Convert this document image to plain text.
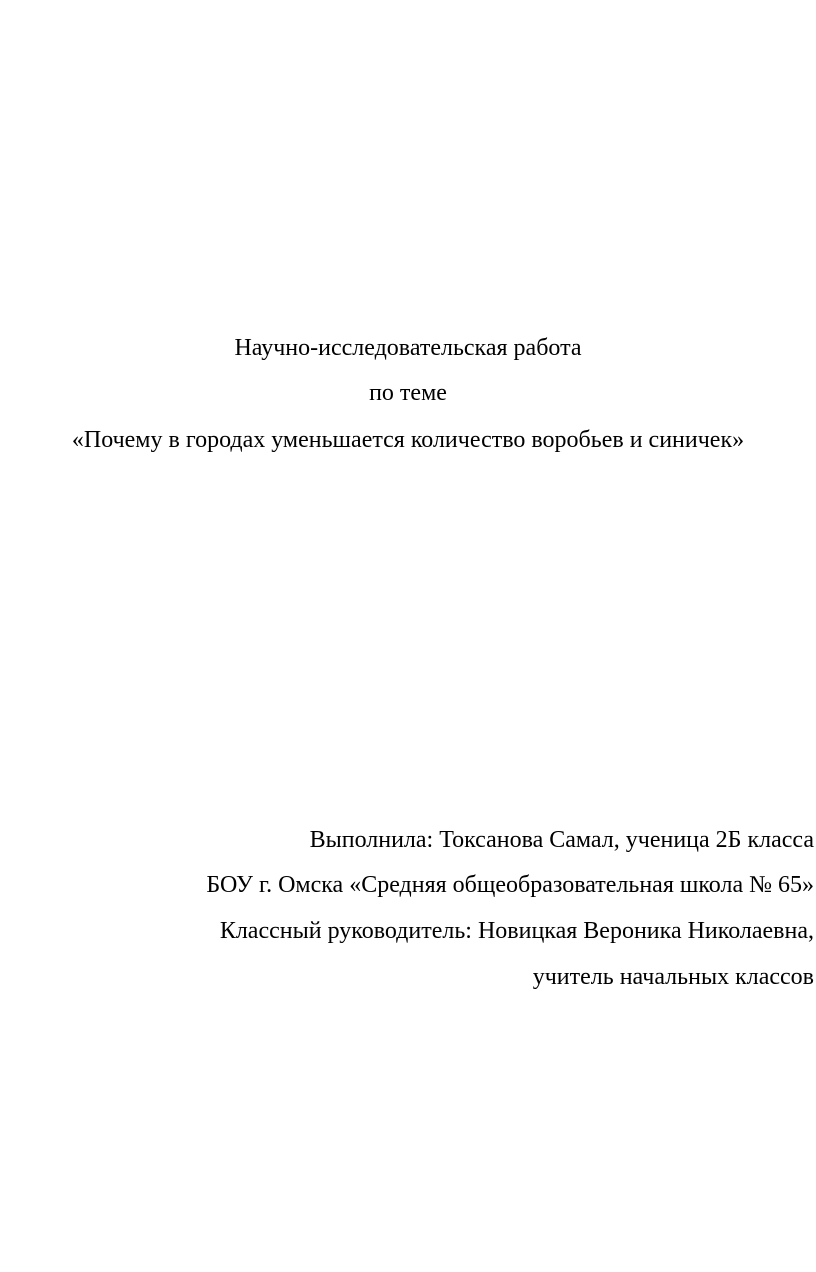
Научно-исследовательская работа
по теме
«Почему в городах уменьшается количество воробьев и синичек»
Выполнила: Токсанова Самал, ученица 2Б класса
БОУ г. Омска «Средняя общеобразовательная школа № 65»
Классный руководитель: Новицкая Вероника Николаевна,
учитель начальных классов
